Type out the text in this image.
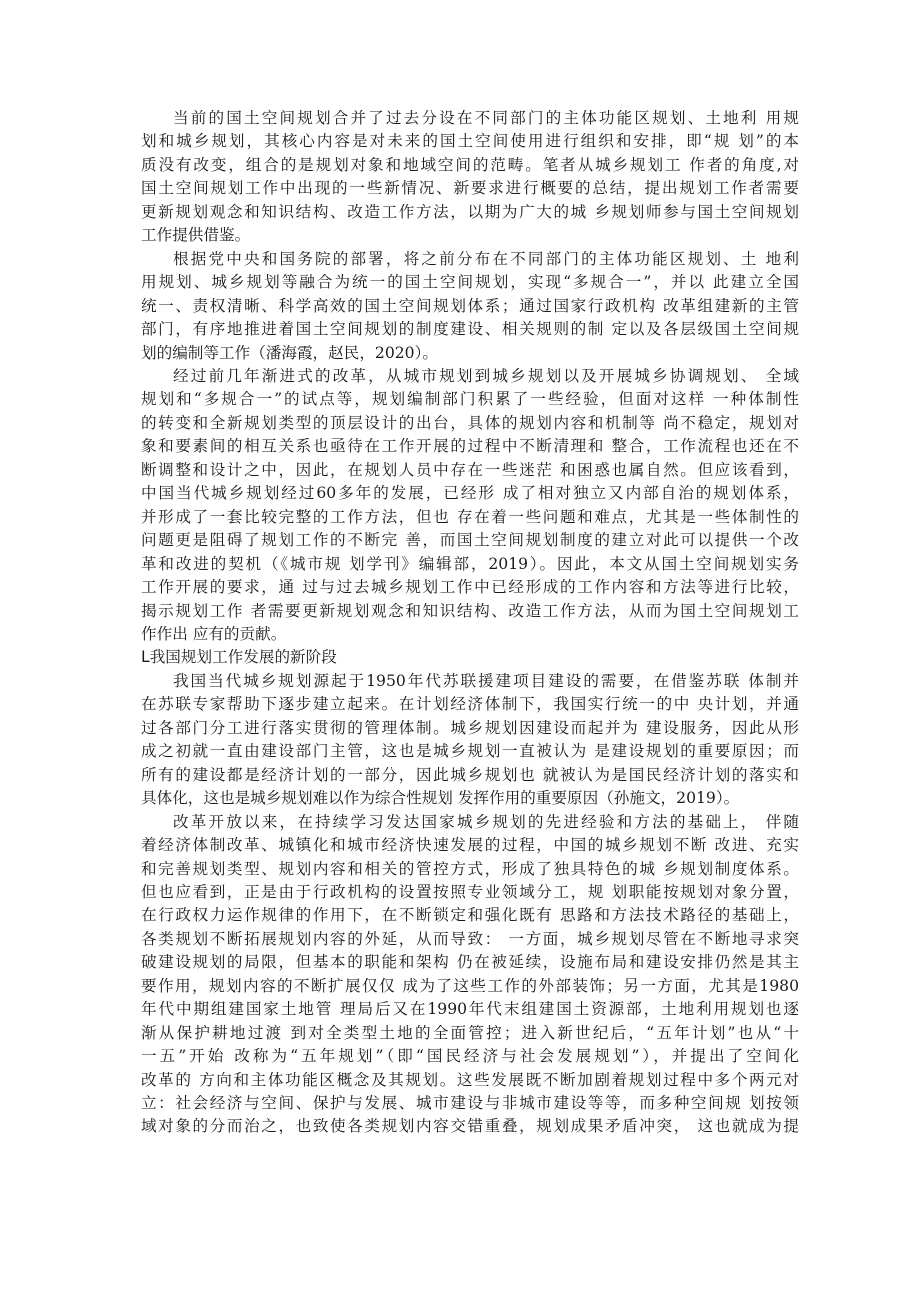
当前的国土空间规划合并了过去分设在不同部门的主体功能区规划、土地利 用规
划和城乡规划，其核心内容是对未来的国土空间使用进行组织和安排，即“规 划”的本
质没有改变，组合的是规划对象和地域空间的范畴。笔者从城乡规划工 作者的角度,对
国土空间规划工作中出现的一些新情况、新要求进行概要的总结，提出规划工作者需要
更新规划观念和知识结构、改造工作方法，以期为广大的城 乡规划师参与国土空间规划
工作提供借鉴。
根据党中央和国务院的部署，将之前分布在不同部门的主体功能区规划、土 地利
用规划、城乡规划等融合为统一的国土空间规划，实现“多规合一”，并以 此建立全国
统一、责权清晰、科学高效的国土空间规划体系；通过国家行政机构 改革组建新的主管
部门，有序地推进着国土空间规划的制度建设、相关规则的制 定以及各层级国土空间规
划的编制等工作（潘海霞，赵民，2020）。
经过前几年渐进式的改革，从城市规划到城乡规划以及开展城乡协调规划、 全域
规划和“多规合一”的试点等，规划编制部门积累了一些经验，但面对这样 一种体制性
的转变和全新规划类型的顶层设计的出台，具体的规划内容和机制等 尚不稳定，规划对
象和要素间的相互关系也亟待在工作开展的过程中不断清理和 整合，工作流程也还在不
断调整和设计之中，因此，在规划人员中存在一些迷茫 和困惑也属自然。但应该看到，
中国当代城乡规划经过60多年的发展，已经形 成了相对独立又内部自治的规划体系，
并形成了一套比较完整的工作方法，但也 存在着一些问题和难点，尤其是一些体制性的
问题更是阻碍了规划工作的不断完 善，而国土空间规划制度的建立对此可以提供一个改
革和改进的契机（《城市规 划学刊》编辑部，2019）。因此，本文从国土空间规划实务
工作开展的要求，通 过与过去城乡规划工作中已经形成的工作内容和方法等进行比较，
揭示规划工作 者需要更新规划观念和知识结构、改造工作方法，从而为国土空间规划工
作作出 应有的贡献。
L我国规划工作发展的新阶段
我国当代城乡规划源起于1950年代苏联援建项目建设的需要，在借鉴苏联 体制并
在苏联专家帮助下逐步建立起来。在计划经济体制下，我国实行统一的中 央计划，并通
过各部门分工进行落实贯彻的管理体制。城乡规划因建设而起并为 建设服务，因此从形
成之初就一直由建设部门主管，这也是城乡规划一直被认为 是建设规划的重要原因；而
所有的建设都是经济计划的一部分，因此城乡规划也 就被认为是国民经济计划的落实和
具体化，这也是城乡规划难以作为综合性规划 发挥作用的重要原因（孙施文，2019）。
改革开放以来，在持续学习发达国家城乡规划的先进经验和方法的基础上， 伴随
着经济体制改革、城镇化和城市经济快速发展的过程，中国的城乡规划不断 改进、充实
和完善规划类型、规划内容和相关的管控方式，形成了独具特色的城 乡规划制度体系。
但也应看到，正是由于行政机构的设置按照专业领域分工，规 划职能按规划对象分置，
在行政权力运作规律的作用下，在不断锁定和强化既有 思路和方法技术路径的基础上，
各类规划不断拓展规划内容的外延，从而导致： 一方面，城乡规划尽管在不断地寻求突
破建设规划的局限，但基本的职能和架构 仍在被延续，设施布局和建设安排仍然是其主
要作用，规划内容的不断扩展仅仅 成为了这些工作的外部装饰；另一方面，尤其是1980
年代中期组建国家土地管 理局后又在1990年代末组建国土资源部，土地利用规划也逐
渐从保护耕地过渡 到对全类型土地的全面管控；进入新世纪后，“五年计划”也从“十
一五”开始 改称为“五年规划”（即“国民经济与社会发展规划”），并提出了空间化
改革的 方向和主体功能区概念及其规划。这些发展既不断加剧着规划过程中多个两元对
立：社会经济与空间、保护与发展、城市建设与非城市建设等等，而多种空间规 划按领
域对象的分而治之，也致使各类规划内容交错重叠，规划成果矛盾冲突， 这也就成为提
